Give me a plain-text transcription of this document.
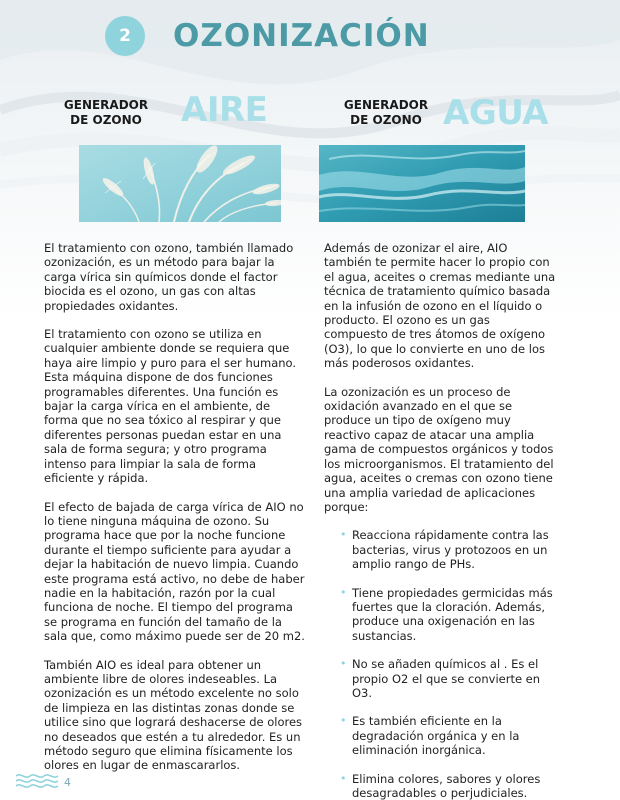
2	OZONIZACIÓN
GENERADOR
DE OZONO	AIRE	GENERADOR
DE OZONO AGUA

El tratamiento con ozono, también llamado ozonización, es un método para bajar la carga vírica sin químicos donde el factor biocida es el ozono, un gas con altas propiedades oxidantes.

El tratamiento con ozono se utiliza en cualquier ambiente donde se requiera que haya aire limpio y puro para el ser humano. Esta máquina dispone de dos funciones programables diferentes. Una función es bajar la carga vírica en el ambiente, de forma que no sea tóxico al respirar y que diferentes personas puedan estar en una sala de forma segura; y otro programa intenso para limpiar la sala de forma eficiente y rápida.

El efecto de bajada de carga vírica de AIO no lo tiene ninguna máquina de ozono. Su programa hace que por la noche funcione durante el tiempo suficiente para ayudar a dejar la habitación de nuevo limpia. Cuando este programa está activo, no debe de haber nadie en la habitación, razón por la cual funciona de noche. El tiempo del programa se programa en función del tamaño de la sala que, como máximo puede ser de 20 m2.

También AIO es ideal para obtener un ambiente libre de olores indeseables. La ozonización es un método excelente no solo de limpieza en las distintas zonas donde se utilice sino que logrará deshacerse de olores no deseados que estén a tu alrededor. Es un método seguro que elimina físicamente los olores en lugar de enmascararlos.

Además de ozonizar el aire, AIO también te permite hacer lo propio con el agua, aceites o cremas mediante una técnica de tratamiento químico basada en la infusión de ozono en el líquido o producto. El ozono es un gas compuesto de tres átomos de oxígeno (O3), lo que lo convierte en uno de los más poderosos oxidantes.

La ozonización es un proceso de oxidación avanzado en el que se produce un tipo de oxígeno muy reactivo capaz de atacar una amplia gama de compuestos orgánicos y todos los microorganismos. El tratamiento del agua, aceites o cremas con ozono tiene una amplia variedad de aplicaciones porque:

• Reacciona rápidamente contra las bacterias, virus y protozoos en un amplio rango de PHs.
• Tiene propiedades germicidas más fuertes que la cloración. Además, produce una oxigenación en las sustancias.
• No se añaden químicos al . Es el propio O2 el que se convierte en O3.
• Es también eficiente en la degradación orgánica y en la eliminación inorgánica.
• Elimina colores, sabores y olores desagradables o perjudiciales.
4
